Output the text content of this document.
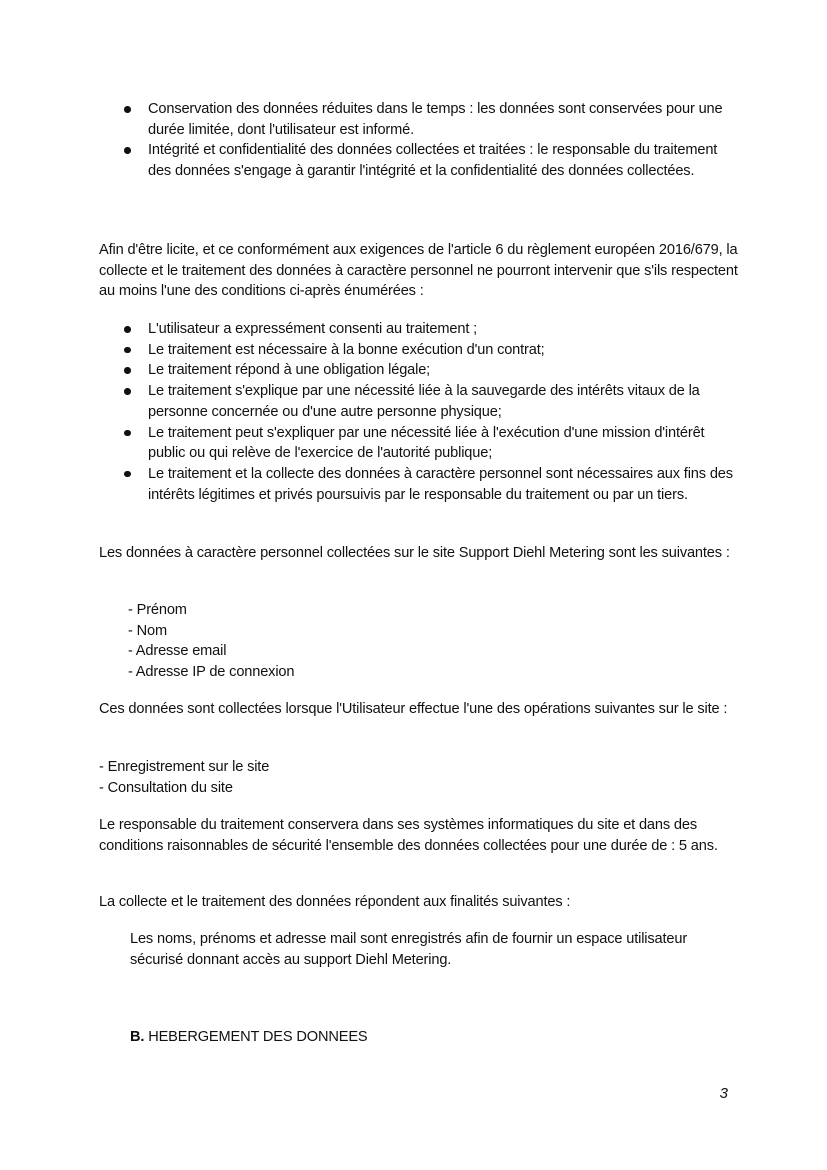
Conservation des données réduites dans le temps : les données sont conservées pour une durée limitée, dont l'utilisateur est informé.
Intégrité et confidentialité des données collectées et traitées : le responsable du traitement des données s'engage à garantir l'intégrité et la confidentialité des données collectées.

Afin d'être licite, et ce conformément aux exigences de l'article 6 du règlement européen 2016/679, la collecte et le traitement des données à caractère personnel ne pourront intervenir que s'ils respectent au moins l'une des conditions ci-après énumérées :

L'utilisateur a expressément consenti au traitement ;
Le traitement est nécessaire à la bonne exécution d'un contrat;
Le traitement répond à une obligation légale;
Le traitement s'explique par une nécessité liée à la sauvegarde des intérêts vitaux de la personne concernée ou d'une autre personne physique;
Le traitement peut s'expliquer par une nécessité liée à l'exécution d'une mission d'intérêt public ou qui relève de l'exercice de l'autorité publique;
Le traitement et la collecte des données à caractère personnel sont nécessaires aux fins des intérêts légitimes et privés poursuivis par le responsable du traitement ou par un tiers.

Les données à caractère personnel collectées sur le site Support Diehl Metering sont les suivantes :

- Prénom
- Nom
- Adresse email
- Adresse IP de connexion

Ces données sont collectées lorsque l'Utilisateur effectue l'une des opérations suivantes sur le site :

- Enregistrement sur le site
- Consultation du site

Le responsable du traitement conservera dans ses systèmes informatiques du site et dans des conditions raisonnables de sécurité l'ensemble des données collectées pour une durée de : 5 ans.

La collecte et le traitement des données répondent aux finalités suivantes :

Les noms, prénoms et adresse mail sont enregistrés afin de fournir un espace utilisateur sécurisé donnant accès au support Diehl Metering.

B. HEBERGEMENT DES DONNEES

3
